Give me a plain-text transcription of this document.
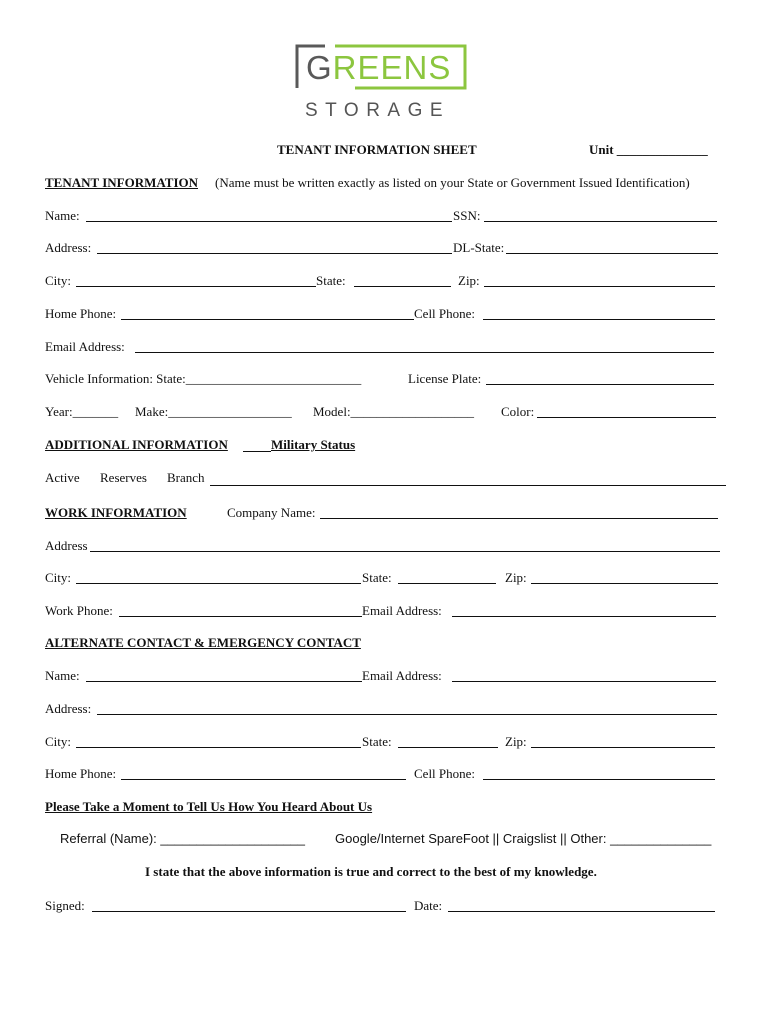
GREENS
STORAGE
TENANT INFORMATION SHEET	Unit ______________
TENANT INFORMATION (Name must be written exactly as listed on your State or Government Issued Identification)
Name:	SSN:
Address:	DL-State:
City:	State:	Zip:
Home Phone:	Cell Phone:
Email Address:
Vehicle Information: State:___________________________	License Plate:
Year:_______ Make:___________________ Model:___________________ Color:
ADDITIONAL INFORMATION	Military Status
Active Reserves Branch
WORK INFORMATION	Company Name:
Address
City:	State:	Zip:
Work Phone:	Email Address:
ALTERNATE CONTACT & EMERGENCY CONTACT
Name:	Email Address:
Address:
City:	State:	Zip:
Home Phone:	Cell Phone:
Please Take a Moment to Tell Us How You Heard About Us
Referral (Name): ____________________ Google/Internet SpareFoot || Craigslist || Other: ______________
I state that the above information is true and correct to the best of my knowledge.
Signed:	Date:
